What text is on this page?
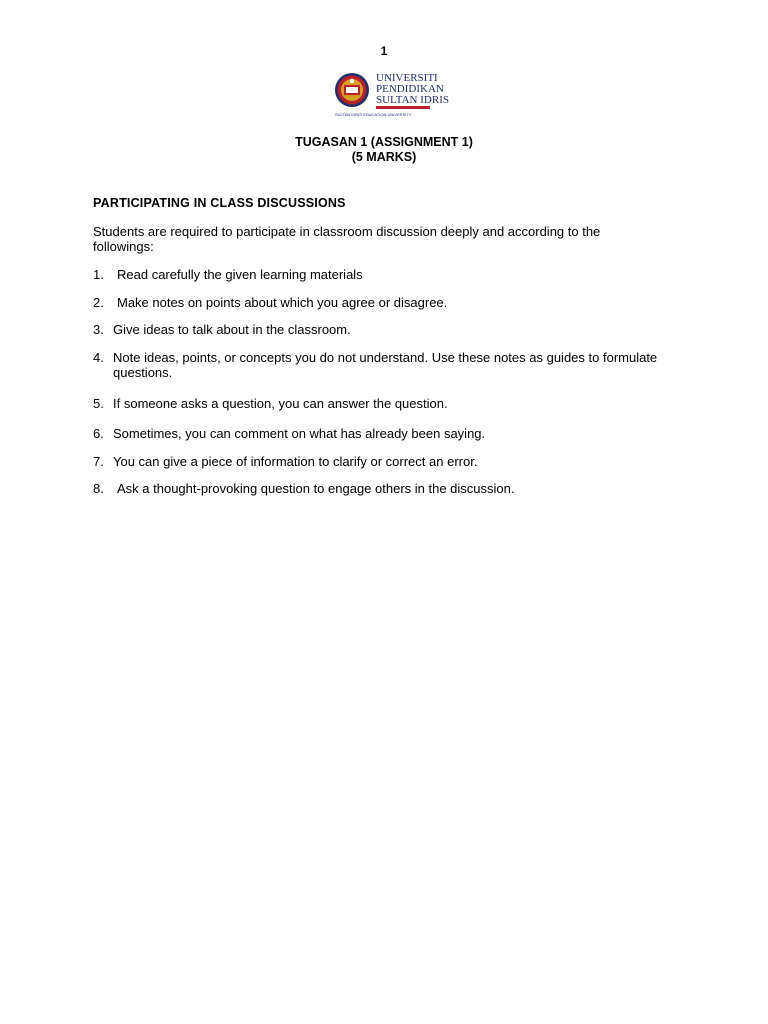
1
UNIVERSITI
PENDIDIKAN
SULTAN IDRIS
SULTAN IDRIS EDUCATION UNIVERSITY
TUGASAN 1 (ASSIGNMENT 1)
(5 MARKS)
PARTICIPATING IN CLASS DISCUSSIONS
Students are required to participate in classroom discussion deeply and according to the followings:
1.	Read carefully the given learning materials
2.	Make notes on points about which you agree or disagree.
3. Give ideas to talk about in the classroom.
4. Note ideas, points, or concepts you do not understand. Use these notes as guides to formulate questions.
5. If someone asks a question, you can answer the question.
6. Sometimes, you can comment on what has already been saying.
7. You can give a piece of information to clarify or correct an error.
8.	Ask a thought-provoking question to engage others in the discussion.
